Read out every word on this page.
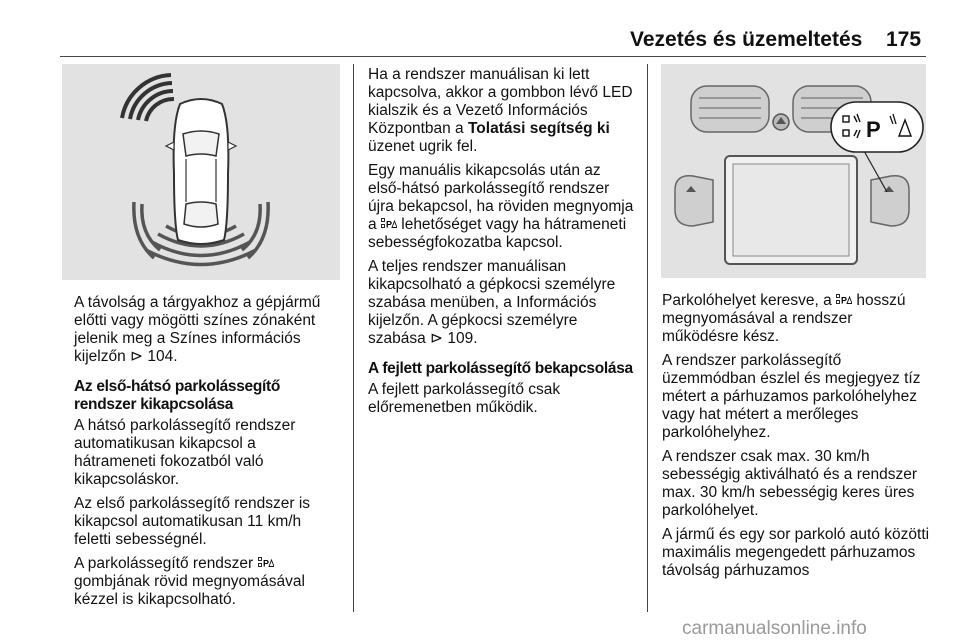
Vezetés és üzemeltetés 175

A távolság a tárgyakhoz a gépjármű előtti vagy mögötti színes zónaként jelenik meg a Színes információs kijelzőn ⊳ 104.

Az első-hátsó parkolássegítő rendszer kikapcsolása

A hátsó parkolássegítő rendszer automatikusan kikapcsol a hátrameneti fokozatból való kikapcsoláskor.

Az első parkolássegítő rendszer is kikapcsol automatikusan 11 km/h feletti sebességnél.

A parkolássegítő rendszer P
gombjának rövid megnyomásával kézzel is kikapcsolható.

Ha a rendszer manuálisan ki lett kapcsolva, akkor a gombbon lévő LED kialszik és a Vezető Információs Központban a Tolatási segítség ki üzenet ugrik fel.

Egy manuális kikapcsolás után az első-hátsó parkolássegítő rendszer újra bekapcsol, ha röviden megnyomja a P lehetőséget vagy ha hátrameneti sebességfokozatba kapcsol.

A teljes rendszer manuálisan kikapcsolható a gépkocsi személyre szabása menüben, a Információs kijelzőn. A gépkocsi személyre szabása ⊳ 109.

A fejlett parkolássegítő bekapcsolása

A fejlett parkolássegítő csak előremenetben működik.

P

Parkolóhelyet keresve, a P hosszú megnyomásával a rendszer működésre kész.

A rendszer parkolássegítő üzemmódban észlel és megjegyez tíz métert a párhuzamos parkolóhelyhez vagy hat métert a merőleges parkolóhelyhez.

A rendszer csak max. 30 km/h sebességig aktiválható és a rendszer max. 30 km/h sebességig keres üres parkolóhelyet.

A jármű és egy sor parkoló autó közötti maximális megengedett párhuzamos távolság párhuzamos

carmanualsonline.info
